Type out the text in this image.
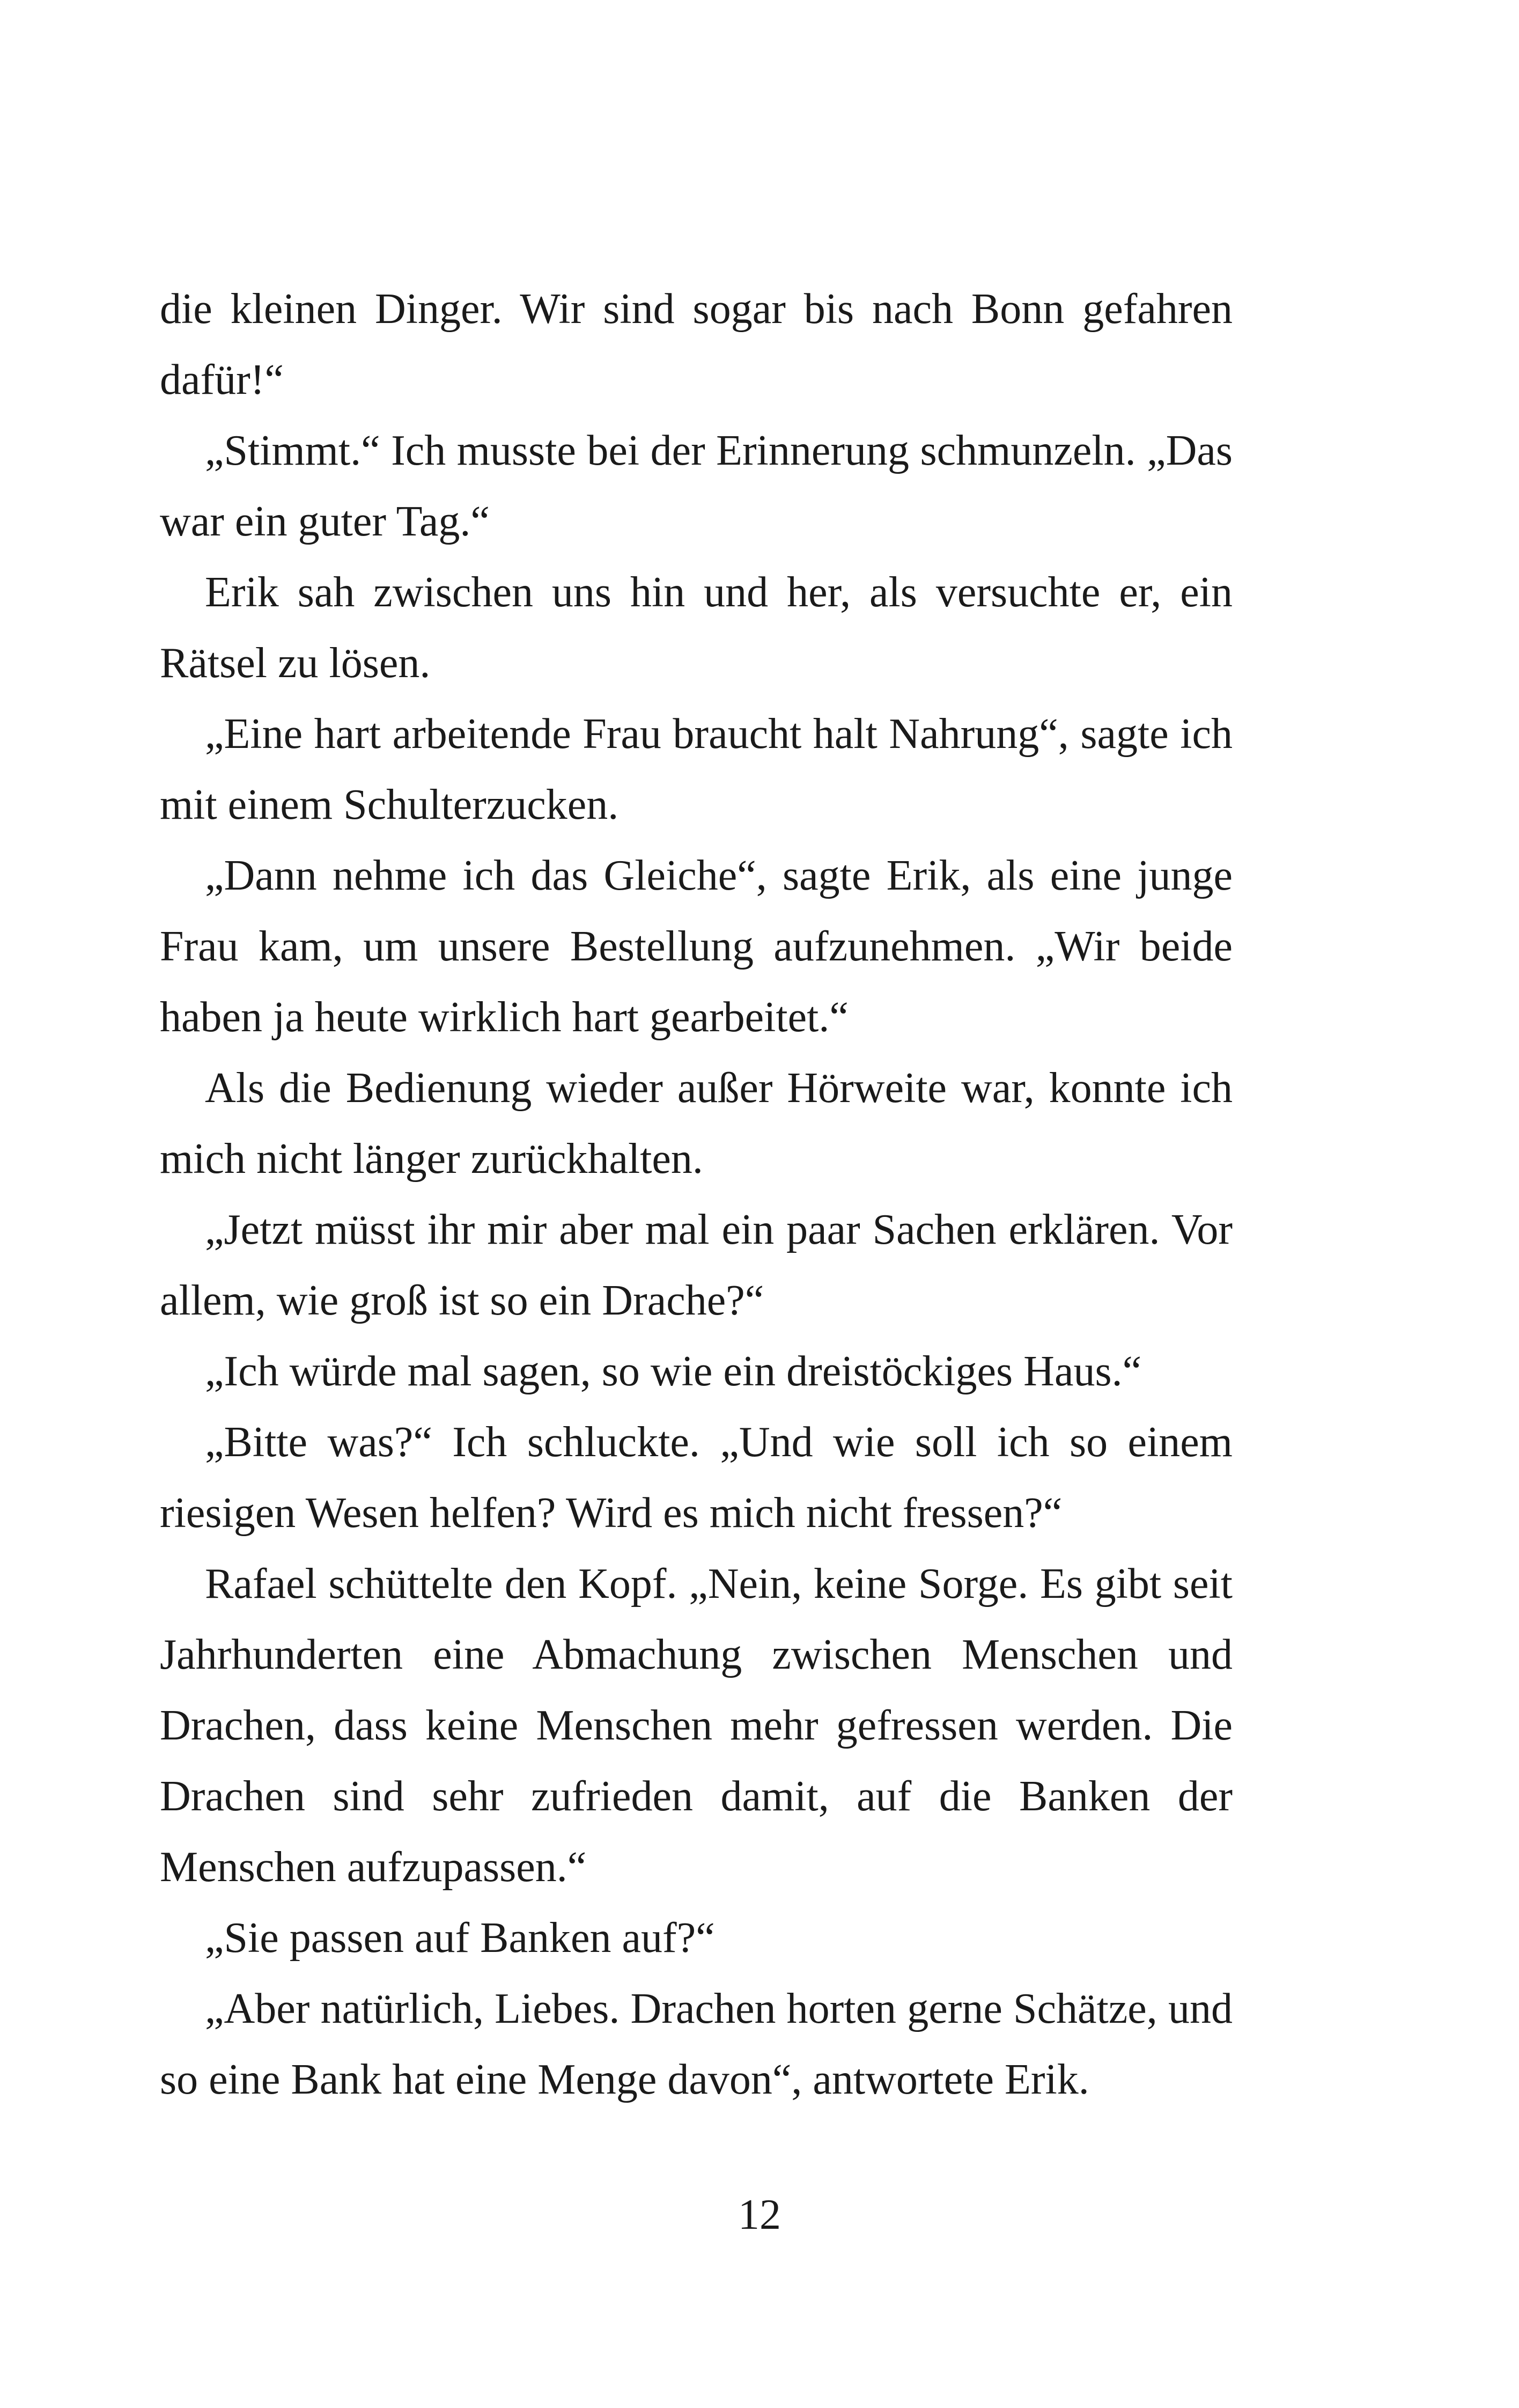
die kleinen Dinger. Wir sind sogar bis nach Bonn gefahren dafür!“

„Stimmt.“ Ich musste bei der Erinnerung schmunzeln. „Das war ein guter Tag.“

Erik sah zwischen uns hin und her, als versuchte er, ein Rätsel zu lösen.

„Eine hart arbeitende Frau braucht halt Nahrung“, sagte ich mit einem Schulterzucken.

„Dann nehme ich das Gleiche“, sagte Erik, als eine junge Frau kam, um unsere Bestellung aufzunehmen. „Wir beide haben ja heute wirklich hart gearbeitet.“

Als die Bedienung wieder außer Hörweite war, konnte ich mich nicht länger zurückhalten.

„Jetzt müsst ihr mir aber mal ein paar Sachen erklären. Vor allem, wie groß ist so ein Drache?“

„Ich würde mal sagen, so wie ein dreistöckiges Haus.“

„Bitte was?“ Ich schluckte. „Und wie soll ich so einem riesigen Wesen helfen? Wird es mich nicht fressen?“

Rafael schüttelte den Kopf. „Nein, keine Sorge. Es gibt seit Jahrhunderten eine Abmachung zwischen Menschen und Drachen, dass keine Menschen mehr gefressen werden. Die Drachen sind sehr zufrieden damit, auf die Banken der Menschen aufzupassen.“

„Sie passen auf Banken auf?“

„Aber natürlich, Liebes. Drachen horten gerne Schätze, und so eine Bank hat eine Menge davon“, antwortete Erik.

12
